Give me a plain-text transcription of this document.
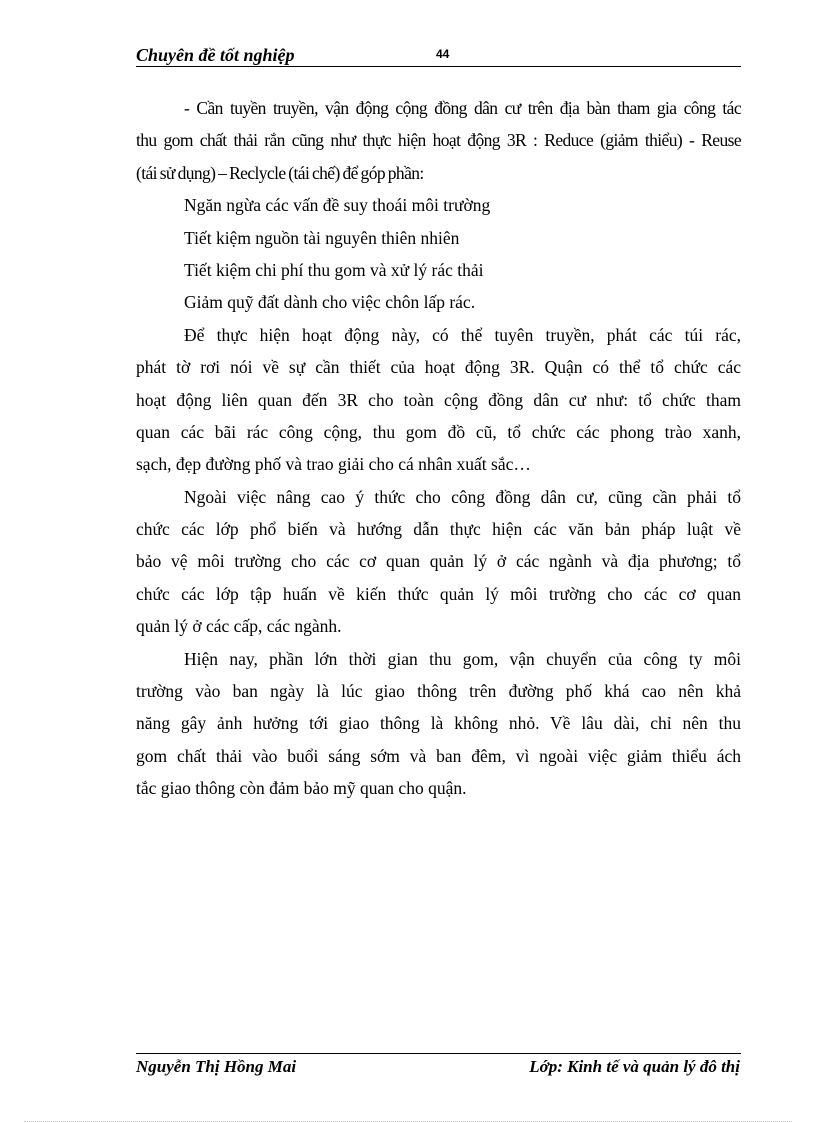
Chuyên đề tốt nghiệp	44
- Cần tuyền truyền, vận động cộng đồng dân cư trên địa bàn tham gia công tác
thu gom chất thải rắn cũng như thực hiện hoạt động 3R : Reduce (giảm thiểu) - Reuse
(tái sử dụng) – Reclycle (tái chế) để góp phần:
Ngăn ngừa các vấn đề suy thoái môi trường
Tiết kiệm nguồn tài nguyên thiên nhiên
Tiết kiệm chi phí thu gom và xử lý rác thải
Giảm quỹ đất dành cho việc chôn lấp rác.
Để thực hiện hoạt động này, có thể tuyên truyền, phát các túi rác,
phát tờ rơi nói về sự cần thiết của hoạt động 3R. Quận có thể tổ chức các
hoạt động liên quan đến 3R cho toàn cộng đồng dân cư như: tổ chức tham
quan các bãi rác công cộng, thu gom đồ cũ, tổ chức các phong trào xanh,
sạch, đẹp đường phố và trao giải cho cá nhân xuất sắc…
Ngoài việc nâng cao ý thức cho công đồng dân cư, cũng cần phải tổ
chức các lớp phổ biến và hướng dẫn thực hiện các văn bản pháp luật về
bảo vệ môi trường cho các cơ quan quản lý ở các ngành và địa phương; tổ
chức các lớp tập huấn về kiến thức quản lý môi trường cho các cơ quan
quản lý ở các cấp, các ngành.
Hiện nay, phần lớn thời gian thu gom, vận chuyển của công ty môi
trường vào ban ngày là lúc giao thông trên đường phố khá cao nên khả
năng gây ảnh hưởng tới giao thông là không nhỏ. Về lâu dài, chỉ nên thu
gom chất thải vào buổi sáng sớm và ban đêm, vì ngoài việc giảm thiểu ách
tắc giao thông còn đảm bảo mỹ quan cho quận.
Nguyễn Thị Hồng Mai	Lớp: Kinh tế và quản lý đô thị
